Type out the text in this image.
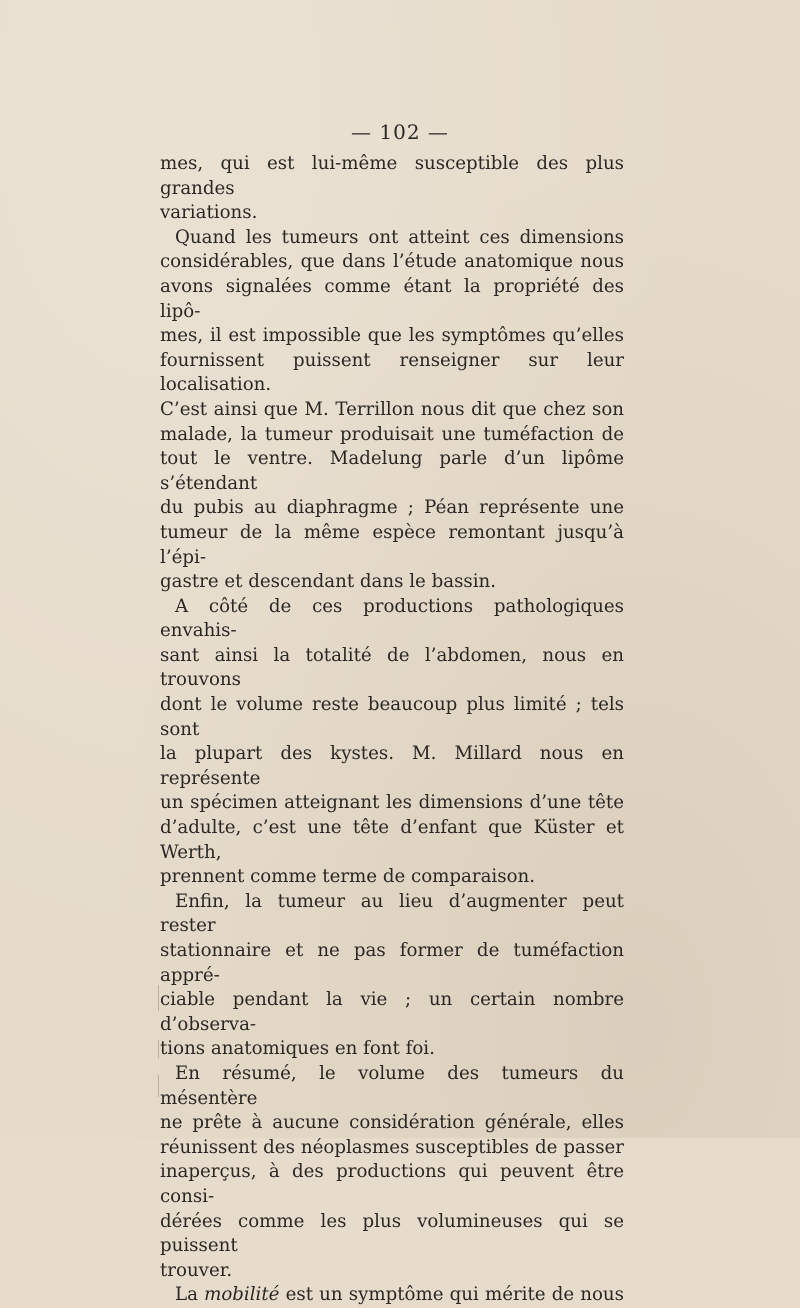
— 102 —

mes, qui est lui-même susceptible des plus grandes

variations.

Quand les tumeurs ont atteint ces dimensions

considérables, que dans l’étude anatomique nous

avons signalées comme étant la propriété des lipô-

mes, il est impossible que les symptômes qu’elles

fournissent puissent renseigner sur leur localisation.

C’est ainsi que M. Terrillon nous dit que chez son

malade, la tumeur produisait une tuméfaction de

tout le ventre. Madelung parle d’un lipôme s’étendant

du pubis au diaphragme ; Péan représente une

tumeur de la même espèce remontant jusqu’à l’épi-

gastre et descendant dans le bassin.

A côté de ces productions pathologiques envahis-

sant ainsi la totalité de l’abdomen, nous en trouvons

dont le volume reste beaucoup plus limité ; tels sont

la plupart des kystes. M. Millard nous en représente

un spécimen atteignant les dimensions d’une tête

d’adulte, c’est une tête d’enfant que Küster et Werth,

prennent comme terme de comparaison.

Enfin, la tumeur au lieu d’augmenter peut rester

stationnaire et ne pas former de tuméfaction appré-

ciable pendant la vie ; un certain nombre d’observa-

tions anatomiques en font foi.

En résumé, le volume des tumeurs du mésentère

ne prête à aucune considération générale, elles

réunissent des néoplasmes susceptibles de passer

inaperçus, à des productions qui peuvent être consi-

dérées comme les plus volumineuses qui se puissent

trouver.

La mobilité est un symptôme qui mérite de nous
